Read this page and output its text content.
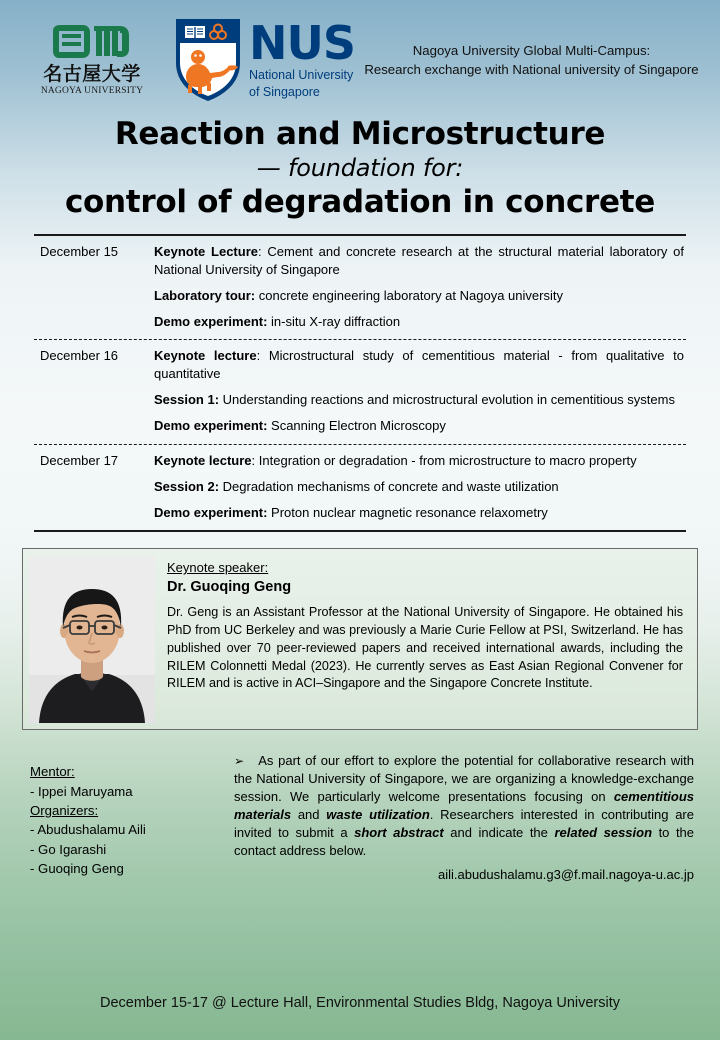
名古屋大学
NAGOYA UNIVERSITY
NUS
National University
of Singapore
Nagoya University Global Multi-Campus:
Research exchange with National university of Singapore
Reaction and Microstructure
— foundation for:
control of degradation in concrete
December 15	Keynote Lecture: Cement and concrete research at the structural material laboratory of National University of Singapore
Laboratory tour: concrete engineering laboratory at Nagoya university
Demo experiment: in-situ X-ray diffraction
December 16	Keynote lecture: Microstructural study of cementitious material - from qualitative to quantitative
Session 1: Understanding reactions and microstructural evolution in cementitious systems
Demo experiment: Scanning Electron Microscopy
December 17	Keynote lecture: Integration or degradation - from microstructure to macro property
Session 2: Degradation mechanisms of concrete and waste utilization
Demo experiment: Proton nuclear magnetic resonance relaxometry
Keynote speaker:
Dr. Guoqing Geng
Dr. Geng is an Assistant Professor at the National University of Singapore. He obtained his PhD from UC Berkeley and was previously a Marie Curie Fellow at PSI, Switzerland. He has published over 70 peer-reviewed papers and received international awards, including the RILEM Colonnetti Medal (2023). He currently serves as East Asian Regional Convener for RILEM and is active in ACI–Singapore and the Singapore Concrete Institute.
Mentor:
- Ippei Maruyama
Organizers:
- Abudushalamu Aili
- Go Igarashi
- Guoqing Geng

➢ As part of our effort to explore the potential for collaborative research with the National University of Singapore, we are organizing a knowledge-exchange session. We particularly welcome presentations focusing on cementitious materials and waste utilization. Researchers interested in contributing are invited to submit a short abstract and indicate the related session to the contact address below.

aili.abudushalamu.g3@f.mail.nagoya-u.ac.jp
December 15-17 @ Lecture Hall, Environmental Studies Bldg, Nagoya University
